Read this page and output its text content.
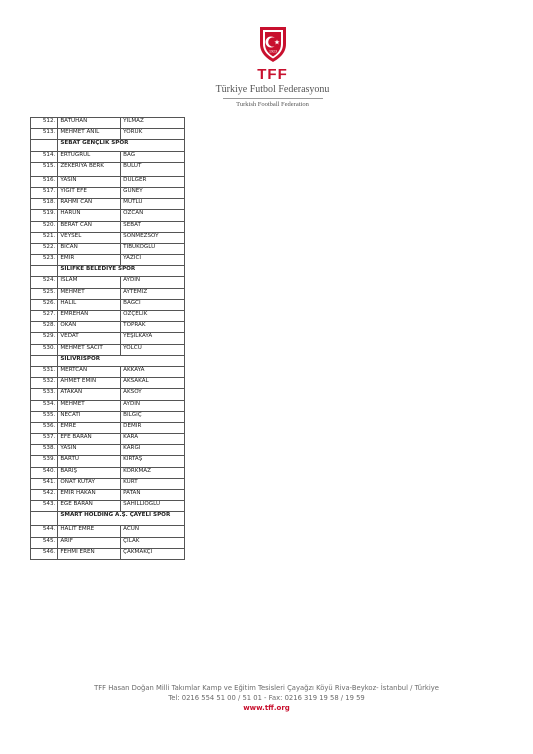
1923
TFF
Türkiye Futbol Federasyonu
Turkish Football Federation
512.	BATUHAN	YILMAZ
513.	MEHMET ANIL	YÖRÜK
	SEBAT GENÇLİK SPOR	
514.	ERTUĞRUL	BAĞ
515.	ZEKERİYA BERK	BULUT
516.	YASİN	DÜLGER
517.	YİĞİT EFE	GÜNEY
518.	RAHMİ CAN	MUTLU
519.	HARUN	ÖZCAN
520.	BERAT CAN	SEBAT
521.	VEYSEL	SÖNMEZSOY
522.	BİCAN	TİBUKOĞLU
523.	EMİR	YAZICI
	SİLİFKE BELEDİYE SPOR	
524.	İSLAM	AYDIN
525.	MEHMET	AYTEMİZ
526.	HALİL	BAĞCI
527.	EMREHAN	ÖZÇELİK
528.	OKAN	TOPRAK
529.	VEDAT	YEŞİLKAYA
530.	MEHMET SACİT	YOLCU
	SİLİVRİSPOR	
531.	MERTCAN	AKKAYA
532.	AHMET EMİN	AKSAKAL
533.	ATAKAN	AKSOY
534.	MEHMET	AYDIN
535.	NECATİ	BİLGİÇ
536.	EMRE	DEMİR
537.	EFE BARAN	KARA
538.	YASİN	KARGI
539.	BARTU	KIRTAŞ
540.	BARIŞ	KORKMAZ
541.	ONAT KUTAY	KURT
542.	EMİR HAKAN	PATAN
543.	EGE BARAN	SAHİLLİOĞLU
	SMART HOLDİNG A.Ş. ÇAYELİ SPOR	
544.	HALİT EMRE	ACUN
545.	ARİF	ÇILAK
546.	FEHMİ EREN	ÇAKMAKÇI
TFF Hasan Doğan Milli Takımlar Kamp ve Eğitim Tesisleri Çayağzı Köyü Riva-Beykoz- İstanbul / Türkiye
Tel: 0216 554 51 00 / 51 01 - Fax: 0216 319 19 58 / 19 59
www.tff.org
